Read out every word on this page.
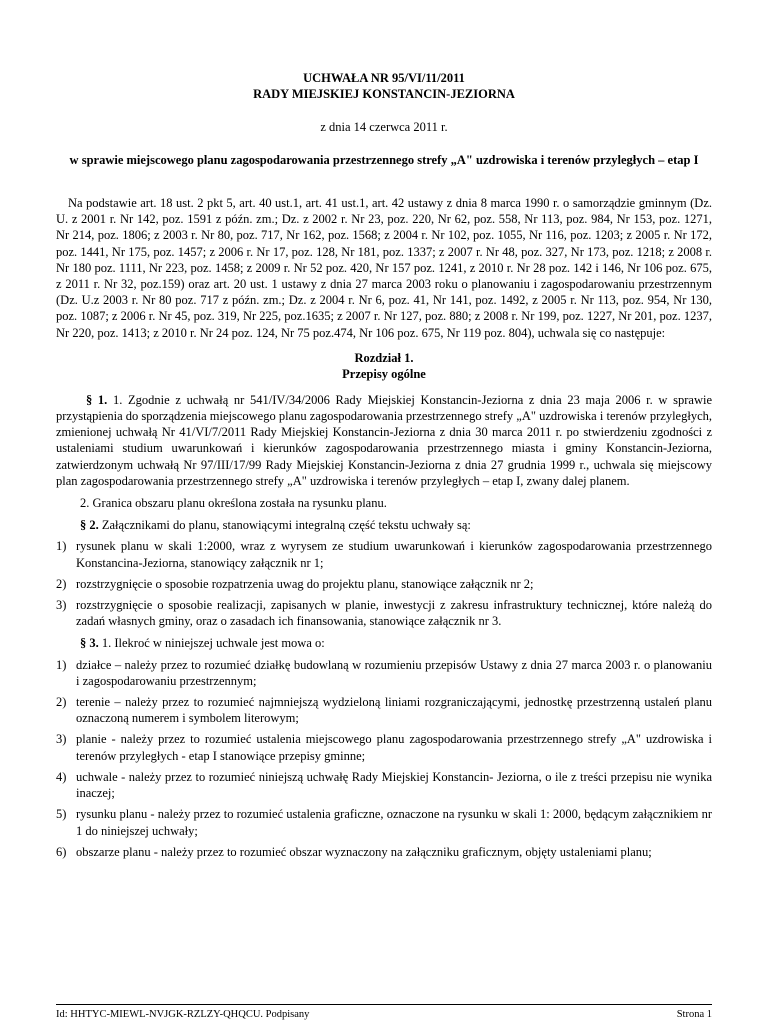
UCHWAŁA NR 95/VI/11/2011

RADY MIEJSKIEJ KONSTANCIN-JEZIORNA

z dnia 14 czerwca 2011 r.
w sprawie miejscowego planu zagospodarowania przestrzennego strefy „A" uzdrowiska i terenów przyległych – etap I
Na podstawie art. 18 ust. 2 pkt 5, art. 40 ust.1, art. 41 ust.1, art. 42 ustawy z dnia 8 marca 1990 r. o samorządzie gminnym (Dz. U. z 2001 r. Nr 142, poz. 1591 z późn. zm.; Dz. z 2002 r. Nr 23, poz. 220, Nr 62, poz. 558, Nr 113, poz. 984, Nr 153, poz. 1271, Nr 214, poz. 1806; z 2003 r. Nr 80, poz. 717, Nr 162, poz. 1568; z 2004 r. Nr 102, poz. 1055, Nr 116, poz. 1203; z 2005 r. Nr 172, poz. 1441, Nr 175, poz. 1457; z 2006 r. Nr 17, poz. 128, Nr 181, poz. 1337; z 2007 r. Nr 48, poz. 327, Nr 173, poz. 1218; z 2008 r. Nr 180 poz. 1111, Nr 223, poz. 1458; z 2009 r. Nr 52 poz. 420, Nr 157 poz. 1241, z 2010 r. Nr 28 poz. 142 i 146, Nr 106 poz. 675, z 2011 r. Nr 32, poz.159) oraz art. 20 ust. 1 ustawy z dnia 27 marca 2003 roku o planowaniu i zagospodarowaniu przestrzennym (Dz. U.z 2003 r. Nr 80 poz. 717 z późn. zm.; Dz. z 2004 r. Nr 6, poz. 41, Nr 141, poz. 1492, z 2005 r. Nr 113, poz. 954, Nr 130, poz. 1087; z 2006 r. Nr 45, poz. 319, Nr 225, poz.1635; z 2007 r. Nr 127, poz. 880; z 2008 r. Nr 199, poz. 1227, Nr 201, poz. 1237, Nr 220, poz. 1413; z 2010 r. Nr 24 poz. 124, Nr 75 poz.474, Nr 106 poz. 675, Nr 119 poz. 804), uchwala się co następuje:
Rozdział 1.
Przepisy ogólne
§ 1. 1. Zgodnie z uchwałą nr 541/IV/34/2006 Rady Miejskiej Konstancin-Jeziorna z dnia 23 maja 2006 r. w sprawie przystąpienia do sporządzenia miejscowego planu zagospodarowania przestrzennego strefy „A" uzdrowiska i terenów przyległych, zmienionej uchwałą Nr 41/VI/7/2011 Rady Miejskiej Konstancin-Jeziorna z dnia 30 marca 2011 r. po stwierdzeniu zgodności z ustaleniami studium uwarunkowań i kierunków zagospodarowania przestrzennego miasta i gminy Konstancin-Jeziorna, zatwierdzonym uchwałą Nr 97/III/17/99 Rady Miejskiej Konstancin-Jeziorna z dnia 27 grudnia 1999 r., uchwala się miejscowy plan zagospodarowania przestrzennego strefy „A" uzdrowiska i terenów przyległych – etap I, zwany dalej planem.
2. Granica obszaru planu określona została na rysunku planu.
§ 2. Załącznikami do planu, stanowiącymi integralną część tekstu uchwały są:
1) rysunek planu w skali 1:2000, wraz z wyrysem ze studium uwarunkowań i kierunków zagospodarowania przestrzennego Konstancina-Jeziorna, stanowiący załącznik nr 1;
2) rozstrzygnięcie o sposobie rozpatrzenia uwag do projektu planu, stanowiące załącznik nr 2;
3) rozstrzygnięcie o sposobie realizacji, zapisanych w planie, inwestycji z zakresu infrastruktury technicznej, które należą do zadań własnych gminy, oraz o zasadach ich finansowania, stanowiące załącznik nr 3.
§ 3. 1. Ilekroć w niniejszej uchwale jest mowa o:
1) działce – należy przez to rozumieć działkę budowlaną w rozumieniu przepisów Ustawy z dnia 27 marca 2003 r. o planowaniu i zagospodarowaniu przestrzennym;
2) terenie – należy przez to rozumieć najmniejszą wydzieloną liniami rozgraniczającymi, jednostkę przestrzenną ustaleń planu oznaczoną numerem i symbolem literowym;
3) planie - należy przez to rozumieć ustalenia miejscowego planu zagospodarowania przestrzennego strefy „A" uzdrowiska i terenów przyległych - etap I stanowiące przepisy gminne;
4) uchwale - należy przez to rozumieć niniejszą uchwałę Rady Miejskiej Konstancin- Jeziorna, o ile z treści przepisu nie wynika inaczej;
5) rysunku planu - należy przez to rozumieć ustalenia graficzne, oznaczone na rysunku w skali 1: 2000, będącym załącznikiem nr 1 do niniejszej uchwały;
6) obszarze planu - należy przez to rozumieć obszar wyznaczony na załączniku graficznym, objęty ustaleniami planu;
Id: HHTYC-MIEWL-NVJGK-RZLZY-QHQCU. Podpisany	Strona 1
